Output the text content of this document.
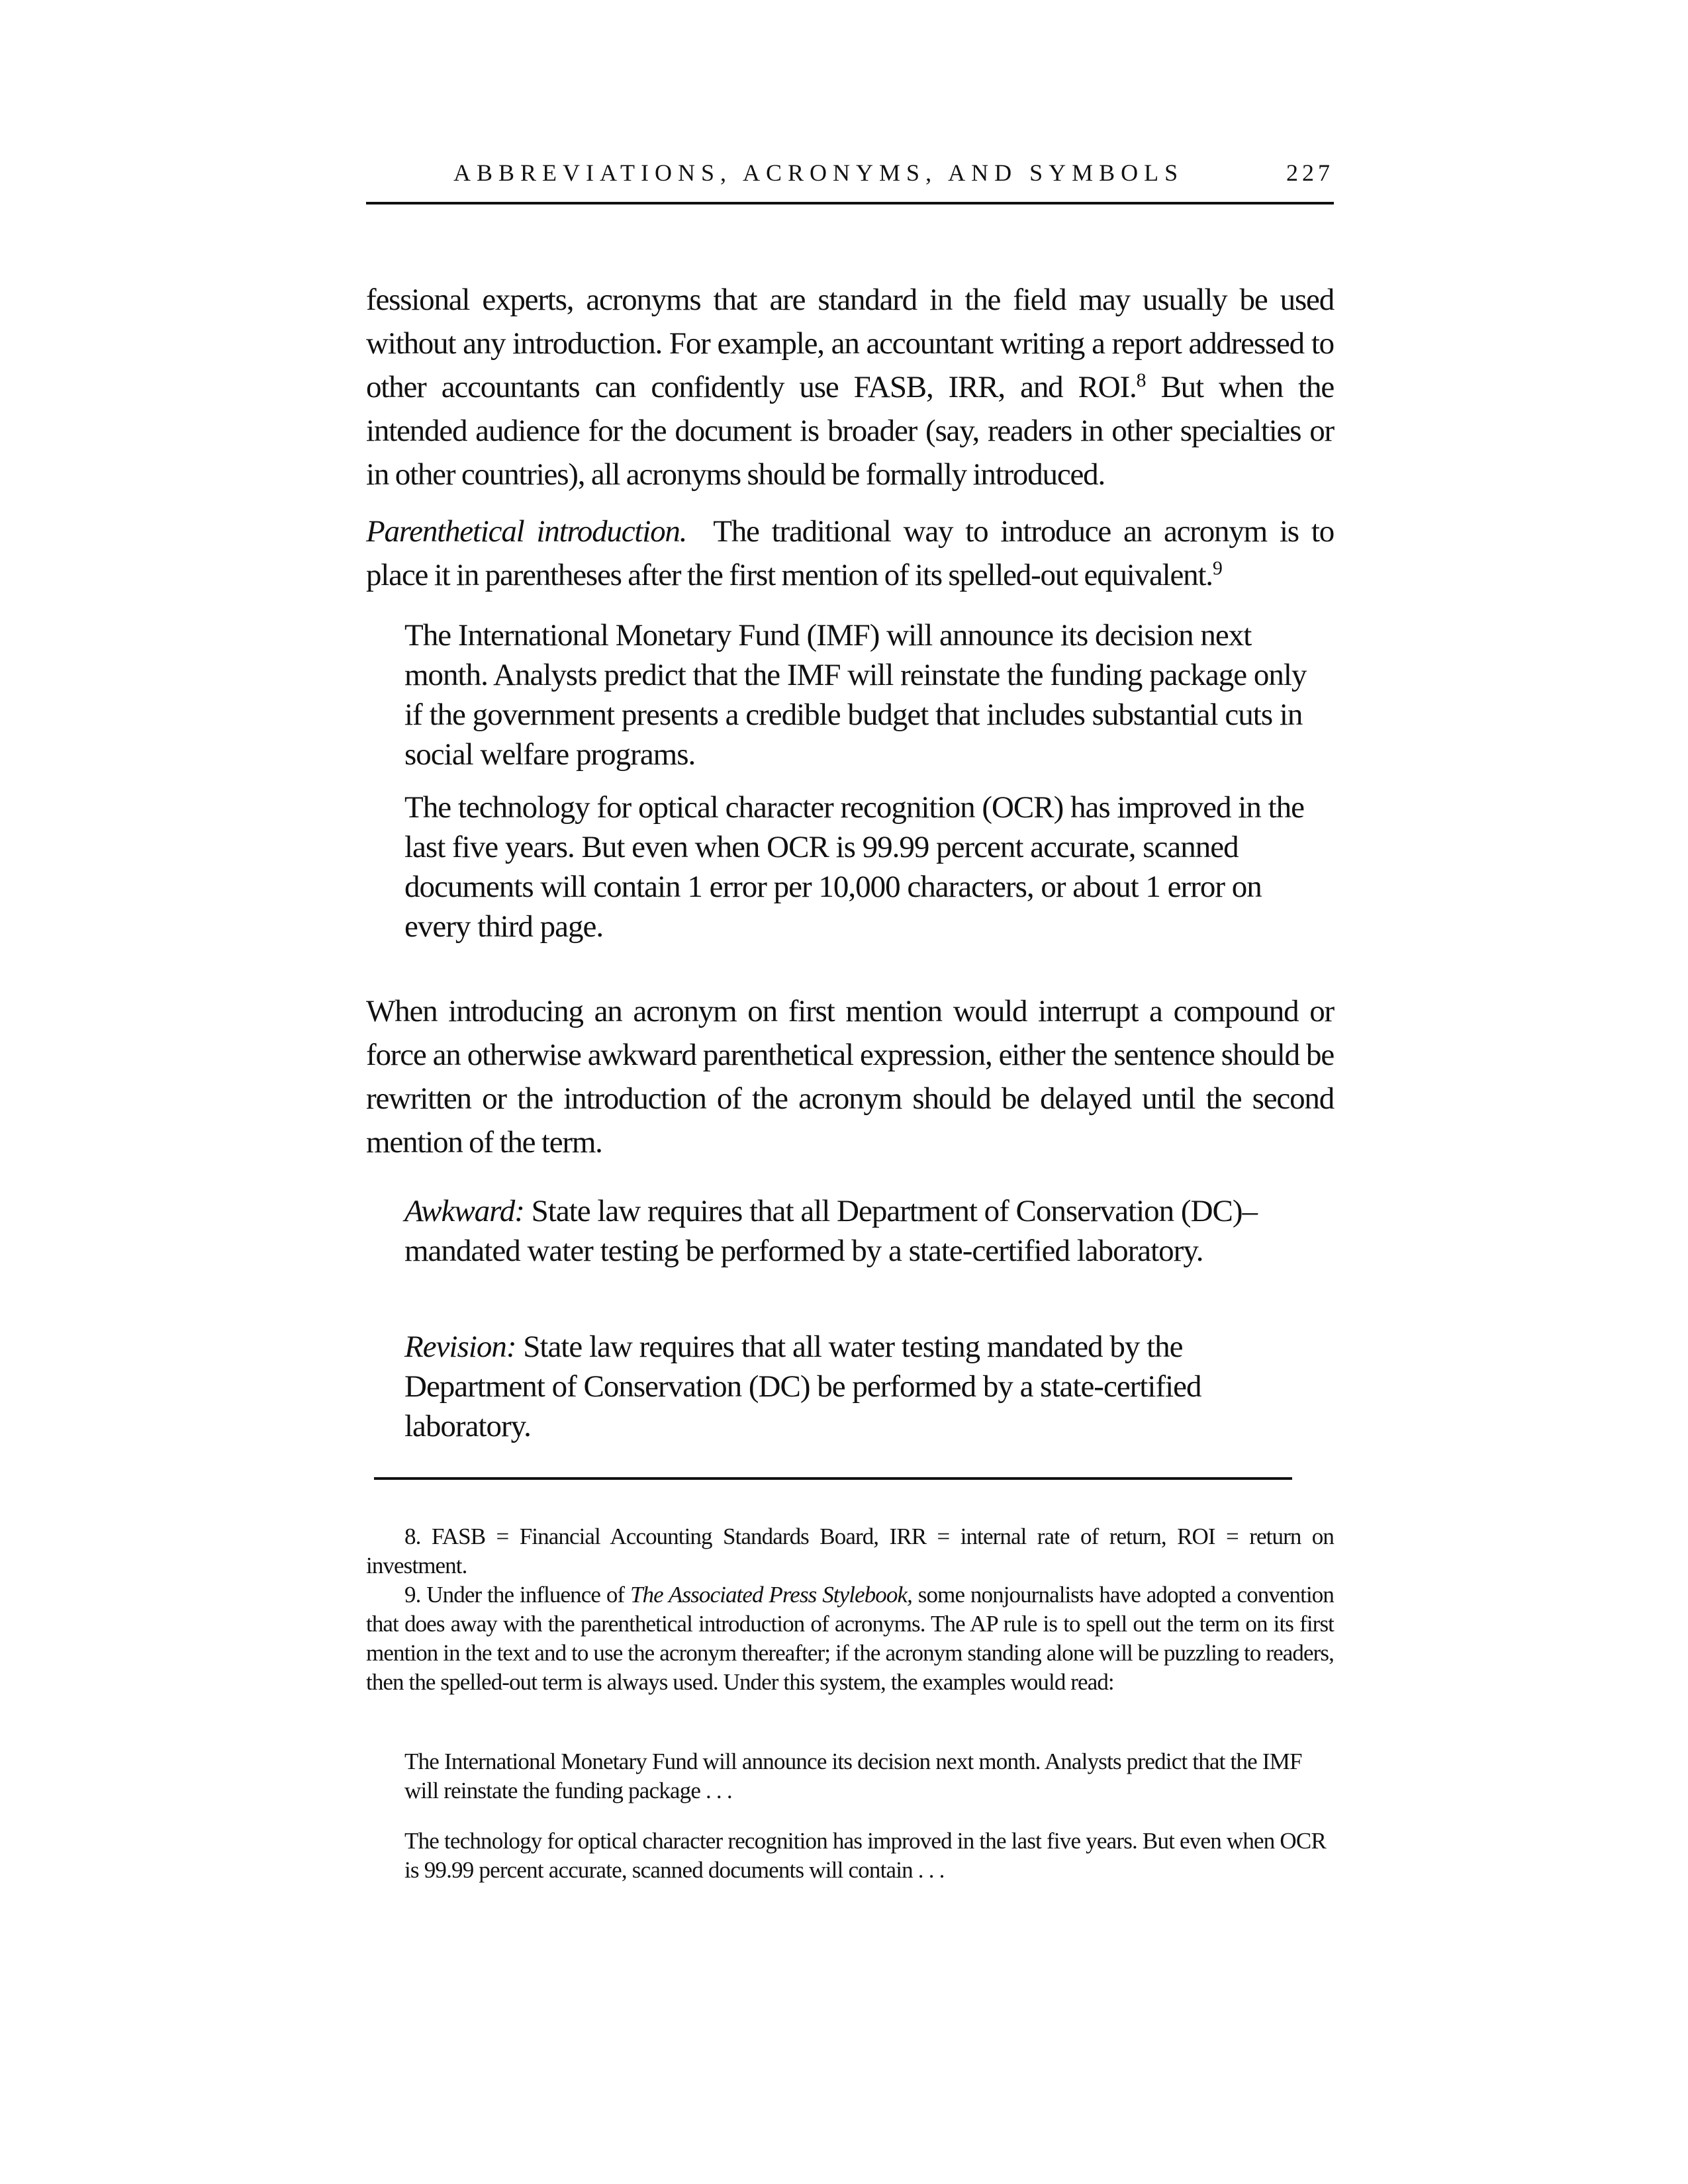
ABBREVIATIONS, ACRONYMS, AND SYMBOLS	227

fessional experts, acronyms that are standard in the field may usually be used without any introduction. For example, an accountant writing a report addressed to other accountants can confidently use FASB, IRR, and ROI.$^8$ But when the intended audience for the document is broader (say, readers in other specialties or in other countries), all acronyms should be formally introduced.

Parenthetical introduction. The traditional way to introduce an acronym is to place it in parentheses after the first mention of its spelled-out equivalent.$^9$

The International Monetary Fund (IMF) will announce its decision next month. Analysts predict that the IMF will reinstate the funding package only if the government presents a credible budget that includes substantial cuts in social welfare programs.

The technology for optical character recognition (OCR) has improved in the last five years. But even when OCR is 99.99 percent accurate, scanned documents will contain 1 error per 10,000 characters, or about 1 error on every third page.

When introducing an acronym on first mention would interrupt a compound or force an otherwise awkward parenthetical expression, either the sentence should be rewritten or the introduction of the acronym should be delayed until the second mention of the term.

Awkward: State law requires that all Department of Conservation (DC)–mandated water testing be performed by a state-certified laboratory.

Revision: State law requires that all water testing mandated by the Department of Conservation (DC) be performed by a state-certified laboratory.

8. FASB = Financial Accounting Standards Board, IRR = internal rate of return, ROI = return on investment.

9. Under the influence of The Associated Press Stylebook, some nonjournalists have adopted a convention that does away with the parenthetical introduction of acronyms. The AP rule is to spell out the term on its first mention in the text and to use the acronym thereafter; if the acronym standing alone will be puzzling to readers, then the spelled-out term is always used. Under this system, the examples would read:

The International Monetary Fund will announce its decision next month. Analysts predict that the IMF will reinstate the funding package . . .

The technology for optical character recognition has improved in the last five years. But even when OCR is 99.99 percent accurate, scanned documents will contain . . .
